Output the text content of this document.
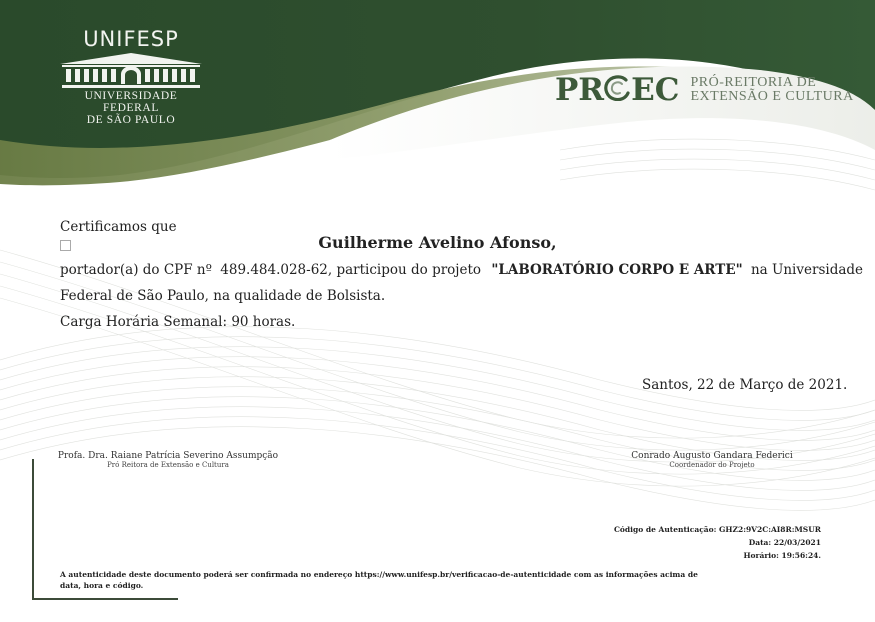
UNIFESP
UNIVERSIDADE FEDERAL
DE SÃO PAULO
PR EC PRÓ-REITORIA DE
EXTENSÃO E CULTURA
Certificamos que
Guilherme Avelino Afonso,
portador(a) do CPF nº 489.484.028-62, participou do projeto "LABORATÓRIO CORPO E ARTE" na Universidade
Federal de São Paulo, na qualidade de Bolsista.
Carga Horária Semanal: 90 horas.
Santos, 22 de Março de 2021.
Profa. Dra. Raiane Patrícia Severino Assumpção
Pró Reitora de Extensão e Cultura
Conrado Augusto Gandara Federici
Coordenador do Projeto
Código de Autenticação: GHZ2:9V2C:AI8R:MSUR
Data: 22/03/2021
Horário: 19:56:24.
A autenticidade deste documento poderá ser confirmada no endereço https://www.unifesp.br/verificacao-de-autenticidade com as informações acima de data, hora e código.
